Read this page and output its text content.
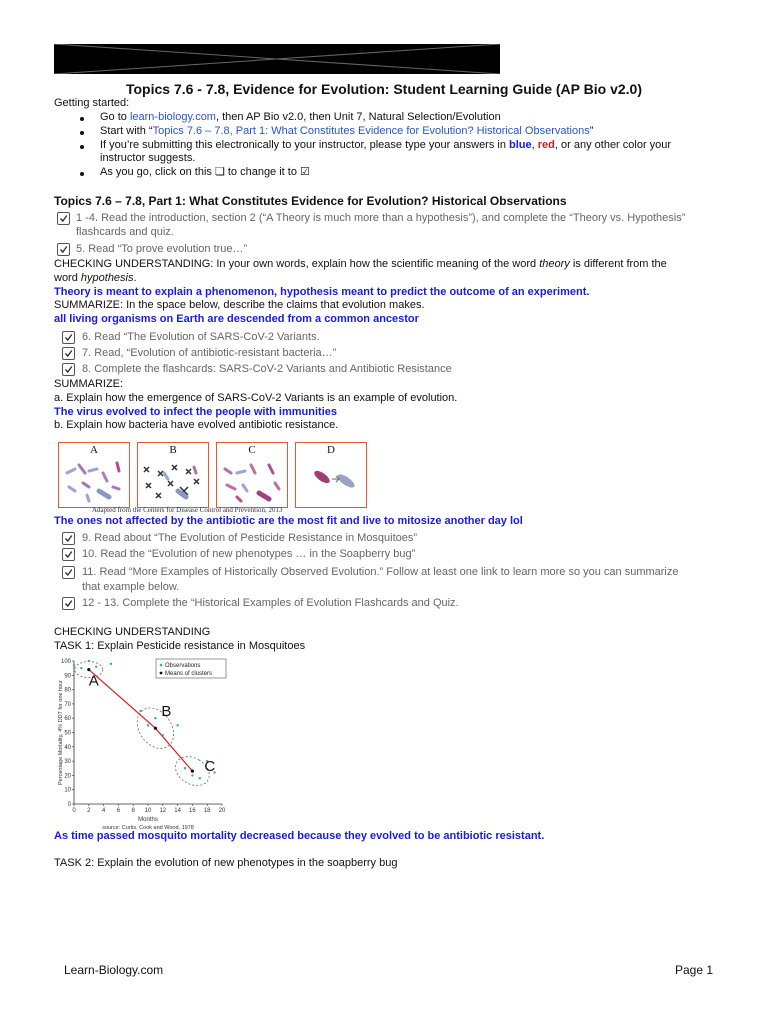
Topics 7.6 - 7.8, Evidence for Evolution: Student Learning Guide (AP Bio v2.0)
Getting started:
Go to learn-biology.com, then AP Bio v2.0, then Unit 7, Natural Selection/Evolution
Start with “Topics 7.6 – 7.8, Part 1: What Constitutes Evidence for Evolution? Historical Observations”
If you’re submitting this electronically to your instructor, please type your answers in blue, red, or any other color your
instructor suggests.
As you go, click on this ❏ to change it to ☑
Topics 7.6 – 7.8, Part 1: What Constitutes Evidence for Evolution? Historical Observations
1 -4. Read the introduction, section 2 (“A Theory is much more than a hypothesis”), and complete the “Theory vs. Hypothesis”
flashcards and quiz.
5. Read “To prove evolution true…”
CHECKING UNDERSTANDING: In your own words, explain how the scientific meaning of the word theory is different from the
word hypothesis.
Theory is meant to explain a phenomenon, hypothesis meant to predict the outcome of an experiment.
SUMMARIZE: In the space below, describe the claims that evolution makes.
all living organisms on Earth are descended from a common ancestor
6. Read “The Evolution of SARS-CoV-2 Variants.
7. Read, “Evolution of antibiotic-resistant bacteria…”
8. Complete the flashcards: SARS-CoV-2 Variants and Antibiotic Resistance
SUMMARIZE:
a. Explain how the emergence of SARS-CoV-2 Variants is an example of evolution.
The virus evolved to infect the people with immunities
b. Explain how bacteria have evolved antibiotic resistance.
A	B	C	D
Adapted from the Centers for Disease Control and Prevention, 2013
The ones not affected by the antibiotic are the most fit and live to mitosize another day lol
9. Read about “The Evolution of Pesticide Resistance in Mosquitoes”
10. Read the “Evolution of new phenotypes … in the Soapberry bug”
11. Read “More Examples of Historically Observed Evolution.” Follow at least one link to learn more so you can summarize
that example below.
12 - 13. Complete the “Historical Examples of Evolution Flashcards and Quiz.
CHECKING UNDERSTANDING
TASK 1: Explain Pesticide resistance in Mosquitoes
0 2 4 6 8 10 12 14 16 18 20
0
10
20
30
40
50
60
70
80
90
100
Months
source: Curtis, Cook and Wood, 1978
Percentage Mortality, 4% DDT for one hour A
B
C
Observations
Means of clusters
As time passed mosquito mortality decreased because they evolved to be antibiotic resistant.
TASK 2: Explain the evolution of new phenotypes in the soapberry bug
Learn-Biology.com	Page 1
